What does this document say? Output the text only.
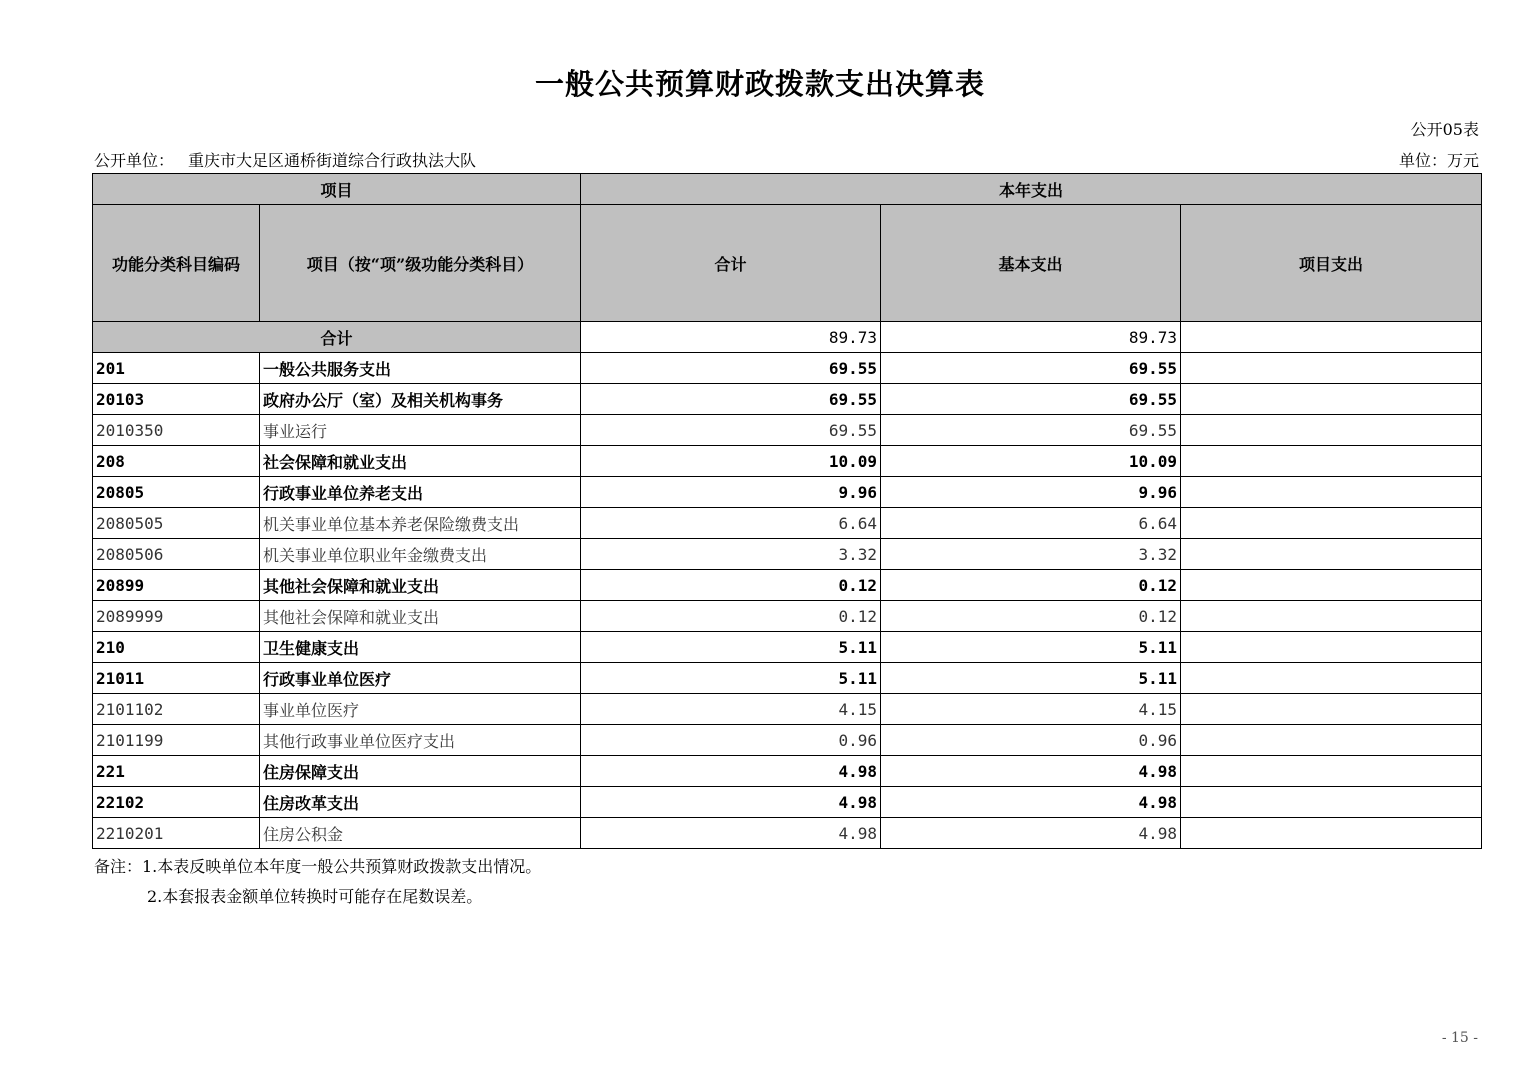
一般公共预算财政拨款支出决算表
公开05表
公开单位： 重庆市大足区通桥街道综合行政执法大队	单位：万元
项目		本年支出		
功能分类科目编码	项目（按“项”级功能分类科目）	合计	基本支出	项目支出
合计		89.73	89.73	
201	一般公共服务支出	69.55	69.55	
20103	政府办公厅（室）及相关机构事务	69.55	69.55	
2010350	事业运行	69.55	69.55	
208	社会保障和就业支出	10.09	10.09	
20805	行政事业单位养老支出	9.96	9.96	
2080505	机关事业单位基本养老保险缴费支出	6.64	6.64	
2080506	机关事业单位职业年金缴费支出	3.32	3.32	
20899	其他社会保障和就业支出	0.12	0.12	
2089999	其他社会保障和就业支出	0.12	0.12	
210	卫生健康支出	5.11	5.11	
21011	行政事业单位医疗	5.11	5.11	
2101102	事业单位医疗	4.15	4.15	
2101199	其他行政事业单位医疗支出	0.96	0.96	
221	住房保障支出	4.98	4.98	
22102	住房改革支出	4.98	4.98	
2210201	住房公积金	4.98	4.98	
备注：1.本表反映单位本年度一般公共预算财政拨款支出情况。
2.本套报表金额单位转换时可能存在尾数误差。
- 15 -
